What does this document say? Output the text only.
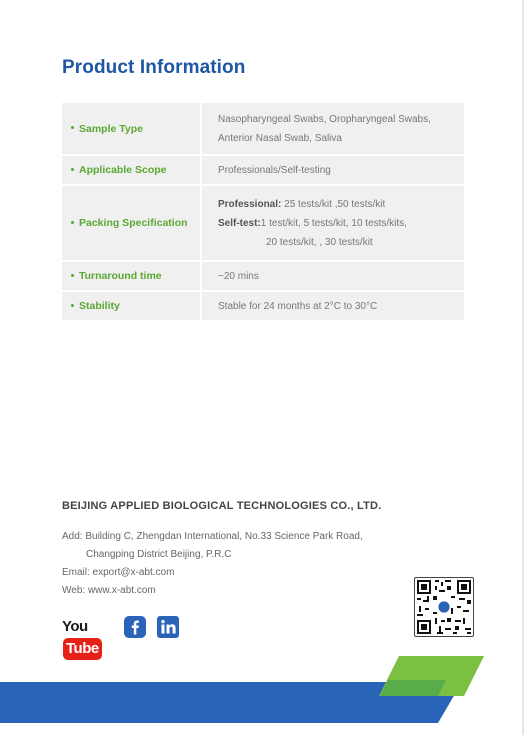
Product Information
Sample Type	Nasopharyngeal Swabs, Oropharyngeal Swabs,
Anterior Nasal Swab, Saliva

Applicable Scope	Professionals/Self-testing

Packing Specification	Professional: 25 tests/kit ,50 tests/kit
Self-test:1 test/kit, 5 tests/kit, 10 tests/kits,
20 tests/kit, , 30 tests/kit

Turnaround time	~20 mins

Stability	Stable for 24 months at 2°C to 30°C
BEIJING APPLIED BIOLOGICAL TECHNOLOGIES CO., LTD.
Add: Building C, Zhengdan International, No.33 Science Park Road,
Changping District Beijing, P.R.C
Email: export@x-abt.com
Web: www.x-abt.com
YouTube
